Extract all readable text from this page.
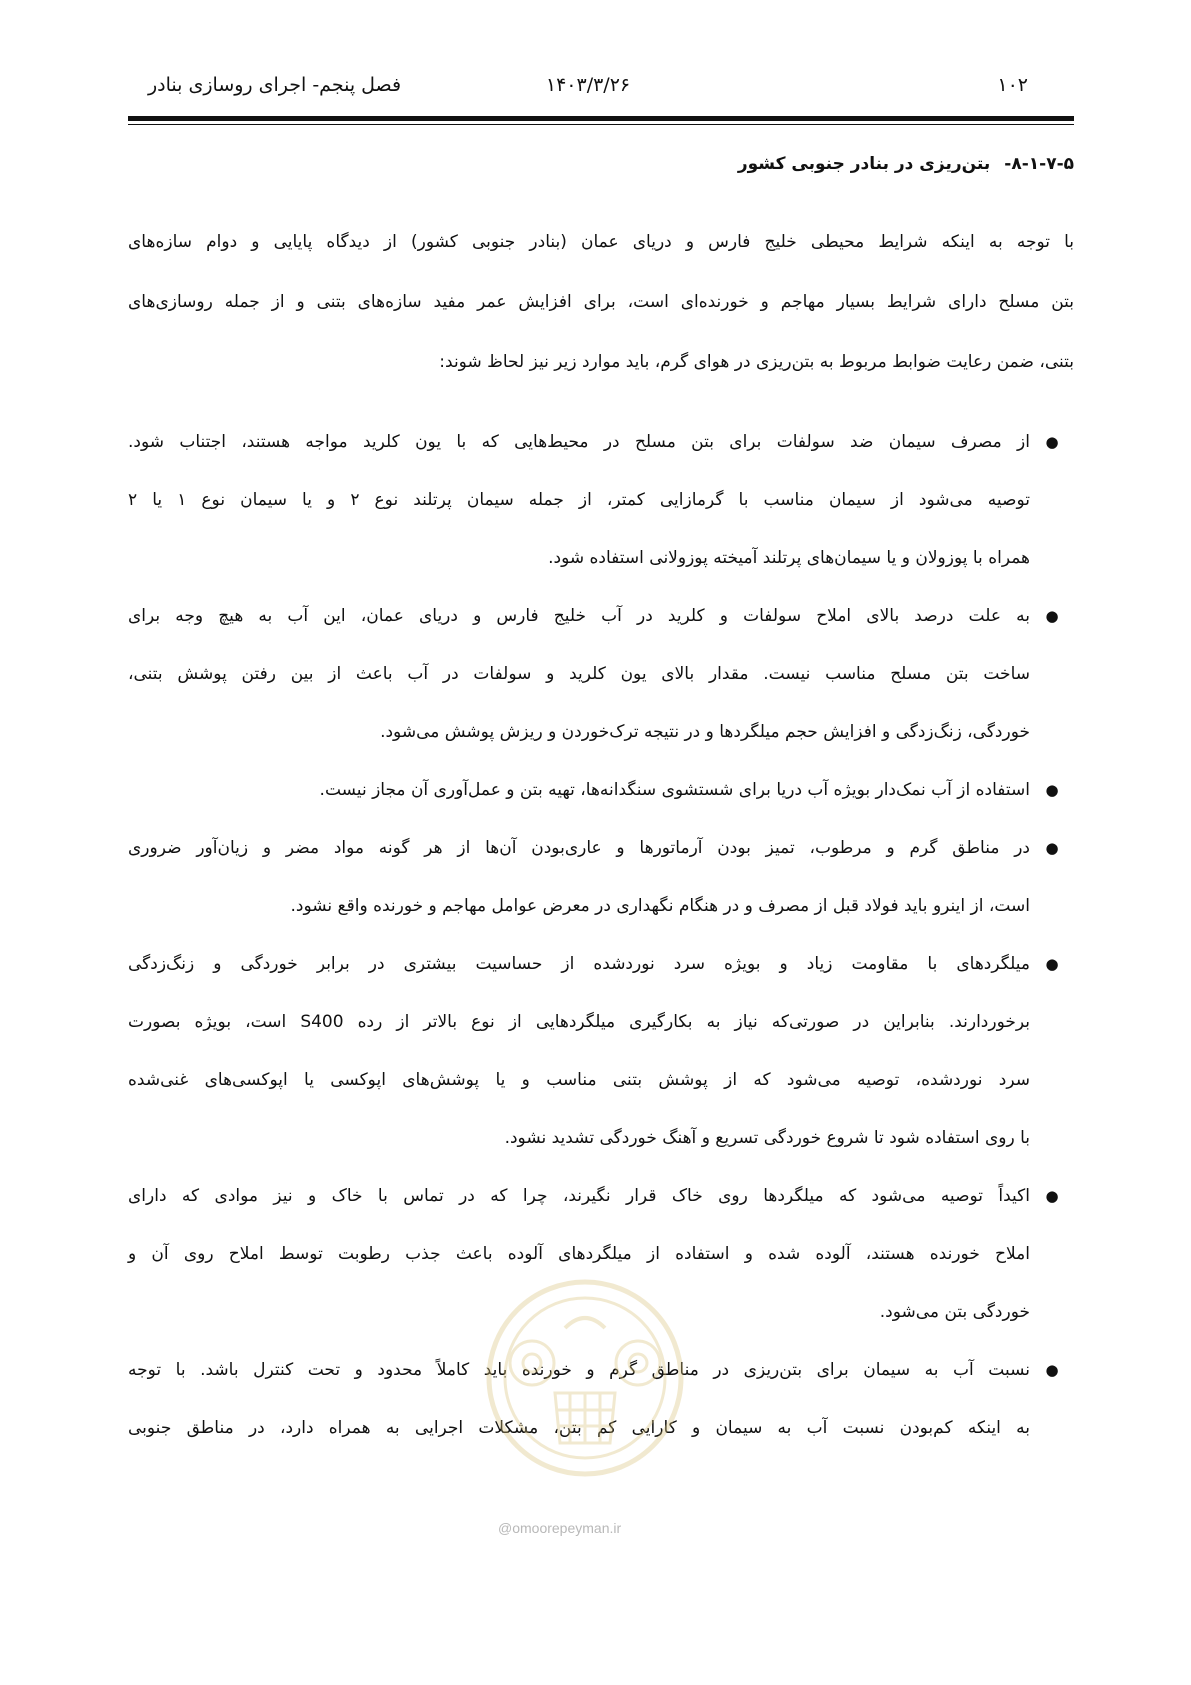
۱۰۲
۱۴۰۳/۳/۲۶
فصل پنجم- اجرای روسازی بنادر
۸-۱-۷-۵-بتن‌ریزی در بنادر جنوبی کشور
با توجه به اینکه شرایط محیطی خلیج فارس و دریای عمان (بنادر جنوبی کشور) از دیدگاه پایایی و دوام سازه‌های
بتن مسلح دارای شرایط بسیار مهاجم و خورنده‌ای است، برای افزایش عمر مفید سازه‌های بتنی و از جمله روسازی‌های
بتنی، ضمن رعایت ضوابط مربوط به بتن‌ریزی در هوای گرم، باید موارد زیر نیز لحاظ شوند:
●
از مصرف سیمان ضد سولفات برای بتن مسلح در محیط‌هایی که با یون کلرید مواجه هستند، اجتناب شود.
توصیه می‌شود از سیمان مناسب با گرمازایی کمتر، از جمله سیمان پرتلند نوع ۲ و یا سیمان نوع ۱ یا ۲
همراه با پوزولان و یا سیمان‌های پرتلند آمیخته پوزولانی استفاده شود.
●
به علت درصد بالای املاح سولفات و کلرید در آب خلیج فارس و دریای عمان، این آب به هیچ وجه برای
ساخت بتن مسلح مناسب نیست. مقدار بالای یون کلرید و سولفات در آب باعث از بین رفتن پوشش بتنی،
خوردگی، زنگ‌زدگی و افزایش حجم میلگردها و در نتیجه ترک‌خوردن و ریزش پوشش می‌شود.
●
استفاده از آب نمک‌دار بویژه آب دریا برای شستشوی سنگدانه‌ها، تهیه بتن و عمل‌آوری آن مجاز نیست.
●
در مناطق گرم و مرطوب، تمیز بودن آرماتورها و عاری‌بودن آن‌ها از هر گونه مواد مضر و زیان‌آور ضروری
است، از اینرو باید فولاد قبل از مصرف و در هنگام نگهداری در معرض عوامل مهاجم و خورنده واقع نشود.
●
میلگردهای با مقاومت زیاد و بویژه سرد نوردشده از حساسیت بیشتری در برابر خوردگی و زنگ‌زدگی
برخوردارند. بنابراین در صورتی‌که نیاز به بکارگیری میلگردهایی از نوع بالاتر از رده S400 است، بویژه بصورت
سرد نوردشده، توصیه می‌شود که از پوشش بتنی مناسب و یا پوشش‌های اپوکسی یا اپوکسی‌های غنی‌شده
با روی استفاده شود تا شروع خوردگی تسریع و آهنگ خوردگی تشدید نشود.
●
اکیداً توصیه می‌شود که میلگردها روی خاک قرار نگیرند، چرا که در تماس با خاک و نیز موادی که دارای
املاح خورنده هستند، آلوده شده و استفاده از میلگردهای آلوده باعث جذب رطوبت توسط املاح روی آن و
خوردگی بتن می‌شود.
●
نسبت آب به سیمان برای بتن‌ریزی در مناطق گرم و خورنده باید کاملاً محدود و تحت کنترل باشد. با توجه
به اینکه کم‌بودن نسبت آب به سیمان و کارایی کم بتن، مشکلات اجرایی به همراه دارد، در مناطق جنوبی
@omoorepeyman.ir
